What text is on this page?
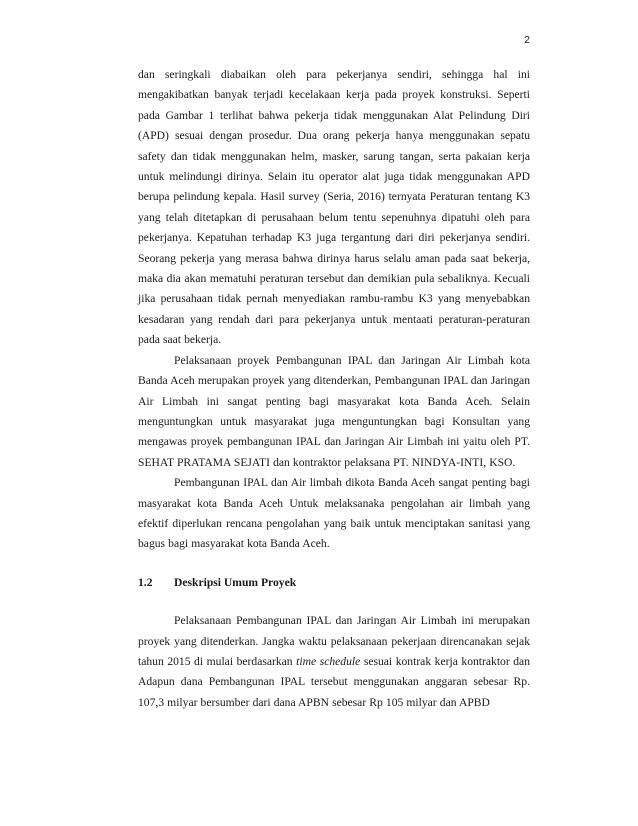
2

dan seringkali diabaikan oleh para pekerjanya sendiri, sehingga hal ini mengakibatkan banyak terjadi kecelakaan kerja pada proyek konstruksi. Seperti pada Gambar 1 terlihat bahwa pekerja tidak menggunakan Alat Pelindung Diri (APD) sesuai dengan prosedur. Dua orang pekerja hanya menggunakan sepatu safety dan tidak menggunakan helm, masker, sarung tangan, serta pakaian kerja untuk melindungi dirinya. Selain itu operator alat juga tidak menggunakan APD berupa pelindung kepala. Hasil survey (Seria, 2016) ternyata Peraturan tentang K3 yang telah ditetapkan di perusahaan belum tentu sepenuhnya dipatuhi oleh para pekerjanya. Kepatuhan terhadap K3 juga tergantung dari diri pekerjanya sendiri. Seorang pekerja yang merasa bahwa dirinya harus selalu aman pada saat bekerja, maka dia akan mematuhi peraturan tersebut dan demikian pula sebaliknya. Kecuali jika perusahaan tidak pernah menyediakan rambu-rambu K3 yang menyebabkan kesadaran yang rendah dari para pekerjanya untuk mentaati peraturan-peraturan pada saat bekerja.

Pelaksanaan proyek Pembangunan IPAL dan Jaringan Air Limbah kota Banda Aceh merupakan proyek yang ditenderkan, Pembangunan IPAL dan Jaringan Air Limbah ini sangat penting bagi masyarakat kota Banda Aceh. Selain menguntungkan untuk masyarakat juga menguntungkan bagi Konsultan yang mengawas proyek pembangunan IPAL dan Jaringan Air Limbah ini yaitu oleh PT. SEHAT PRATAMA SEJATI dan kontraktor pelaksana PT. NINDYA-INTI, KSO.

Pembangunan IPAL dan Air limbah dikota Banda Aceh sangat penting bagi masyarakat kota Banda Aceh Untuk melaksanaka pengolahan air limbah yang efektif diperlukan rencana pengolahan yang baik untuk menciptakan sanitasi yang bagus bagi masyarakat kota Banda Aceh.

1.2	Deskripsi Umum Proyek

Pelaksanaan Pembangunan IPAL dan Jaringan Air Limbah ini merupakan proyek yang ditenderkan. Jangka waktu pelaksanaan pekerjaan direncanakan sejak tahun 2015 di mulai berdasarkan time schedule sesuai kontrak kerja kontraktor dan Adapun dana Pembangunan IPAL tersebut menggunakan anggaran sebesar Rp. 107,3 milyar bersumber dari dana APBN sebesar Rp 105 milyar dan APBD
